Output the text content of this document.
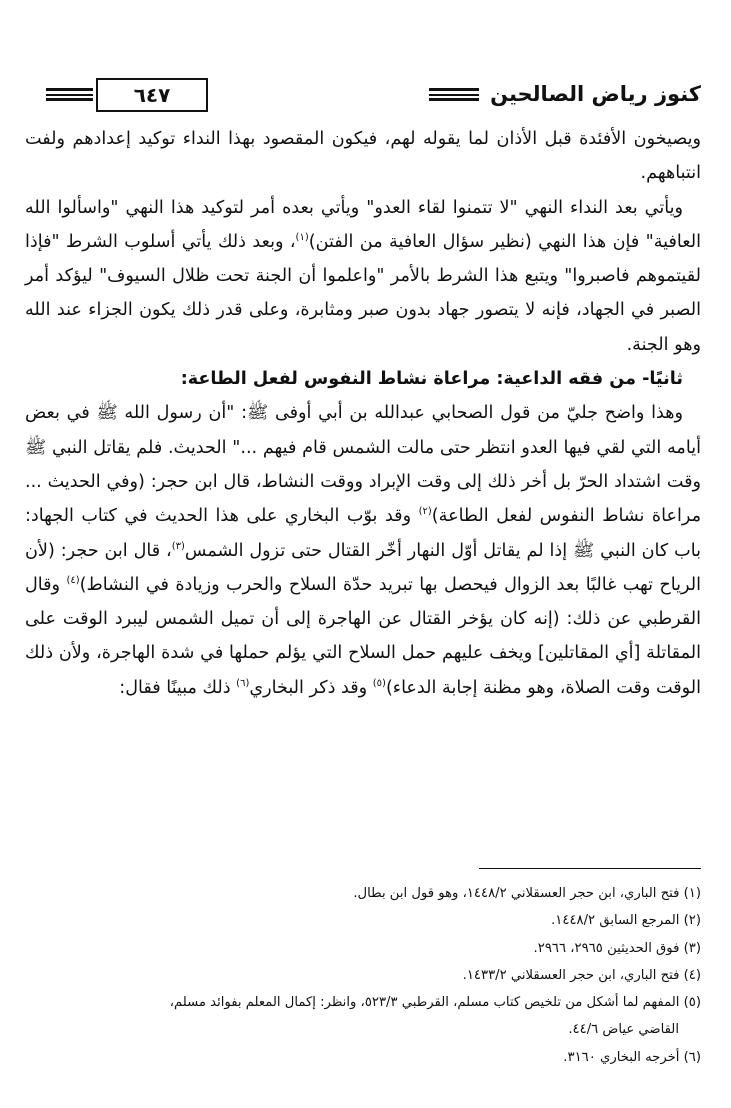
كنوز رياض الصالحين
٦٤٧

ويصيخون الأفئدة قبل الأذان لما يقوله لهم، فيكون المقصود بهذا النداء توكيد إعدادهم ولفت انتباههم.

ويأتي بعد النداء النهي "لا تتمنوا لقاء العدو" ويأتي بعده أمر لتوكيد هذا النهي "واسألوا الله العافية" فإن هذا النهي (نظير سؤال العافية من الفتن)$^{(١)}$، وبعد ذلك يأتي أسلوب الشرط "فإذا لقيتموهم فاصبروا" ويتبع هذا الشرط بالأمر "واعلموا أن الجنة تحت ظلال السيوف" ليؤكد أمر الصبر في الجهاد، فإنه لا يتصور جهاد بدون صبر ومثابرة، وعلى قدر ذلك يكون الجزاء عند الله وهو الجنة.

ثانيًا- من فقه الداعية: مراعاة نشاط النفوس لفعل الطاعة:

وهذا واضح جليّ من قول الصحابي عبدالله بن أبي أوفى ﷺ: "أن رسول الله ﷺ في بعض أيامه التي لقي فيها العدو انتظر حتى مالت الشمس قام فيهم ..." الحديث. فلم يقاتل النبي ﷺ وقت اشتداد الحرّ بل أخر ذلك إلى وقت الإبراد ووقت النشاط، قال ابن حجر: (وفي الحديث ... مراعاة نشاط النفوس لفعل الطاعة)$^{(٢)}$ وقد بوّب البخاري على هذا الحديث في كتاب الجهاد: باب كان النبي ﷺ إذا لم يقاتل أوّل النهار أخّر القتال حتى تزول الشمس$^{(٣)}$، قال ابن حجر: (لأن الرياح تهب غالبًا بعد الزوال فيحصل بها تبريد حدّة السلاح والحرب وزيادة في النشاط)$^{(٤)}$ وقال القرطبي عن ذلك: (إنه كان يؤخر القتال عن الهاجرة إلى أن تميل الشمس ليبرد الوقت على المقاتلة [أي المقاتلين] ويخف عليهم حمل السلاح التي يؤلم حملها في شدة الهاجرة، ولأن ذلك الوقت وقت الصلاة، وهو مظنة إجابة الدعاء)$^{(٥)}$ وقد ذكر البخاري$^{(٦)}$ ذلك مبينًا فقال:

(١) فتح الباري، ابن حجر العسقلاني ١٤٤٨/٢، وهو قول ابن بطال.

(٢) المرجع السابق ١٤٤٨/٢.

(٣) فوق الحديثين ٢٩٦٥، ٢٩٦٦.

(٤) فتح الباري، ابن حجر العسقلاني ١٤٣٣/٢.

(٥) المفهم لما أشكل من تلخيص كتاب مسلم، القرطبي ٥٢٣/٣، وانظر: إكمال المعلم بفوائد مسلم،

القاضي عياض ٤٤/٦.

(٦) أخرجه البخاري ٣١٦٠.
